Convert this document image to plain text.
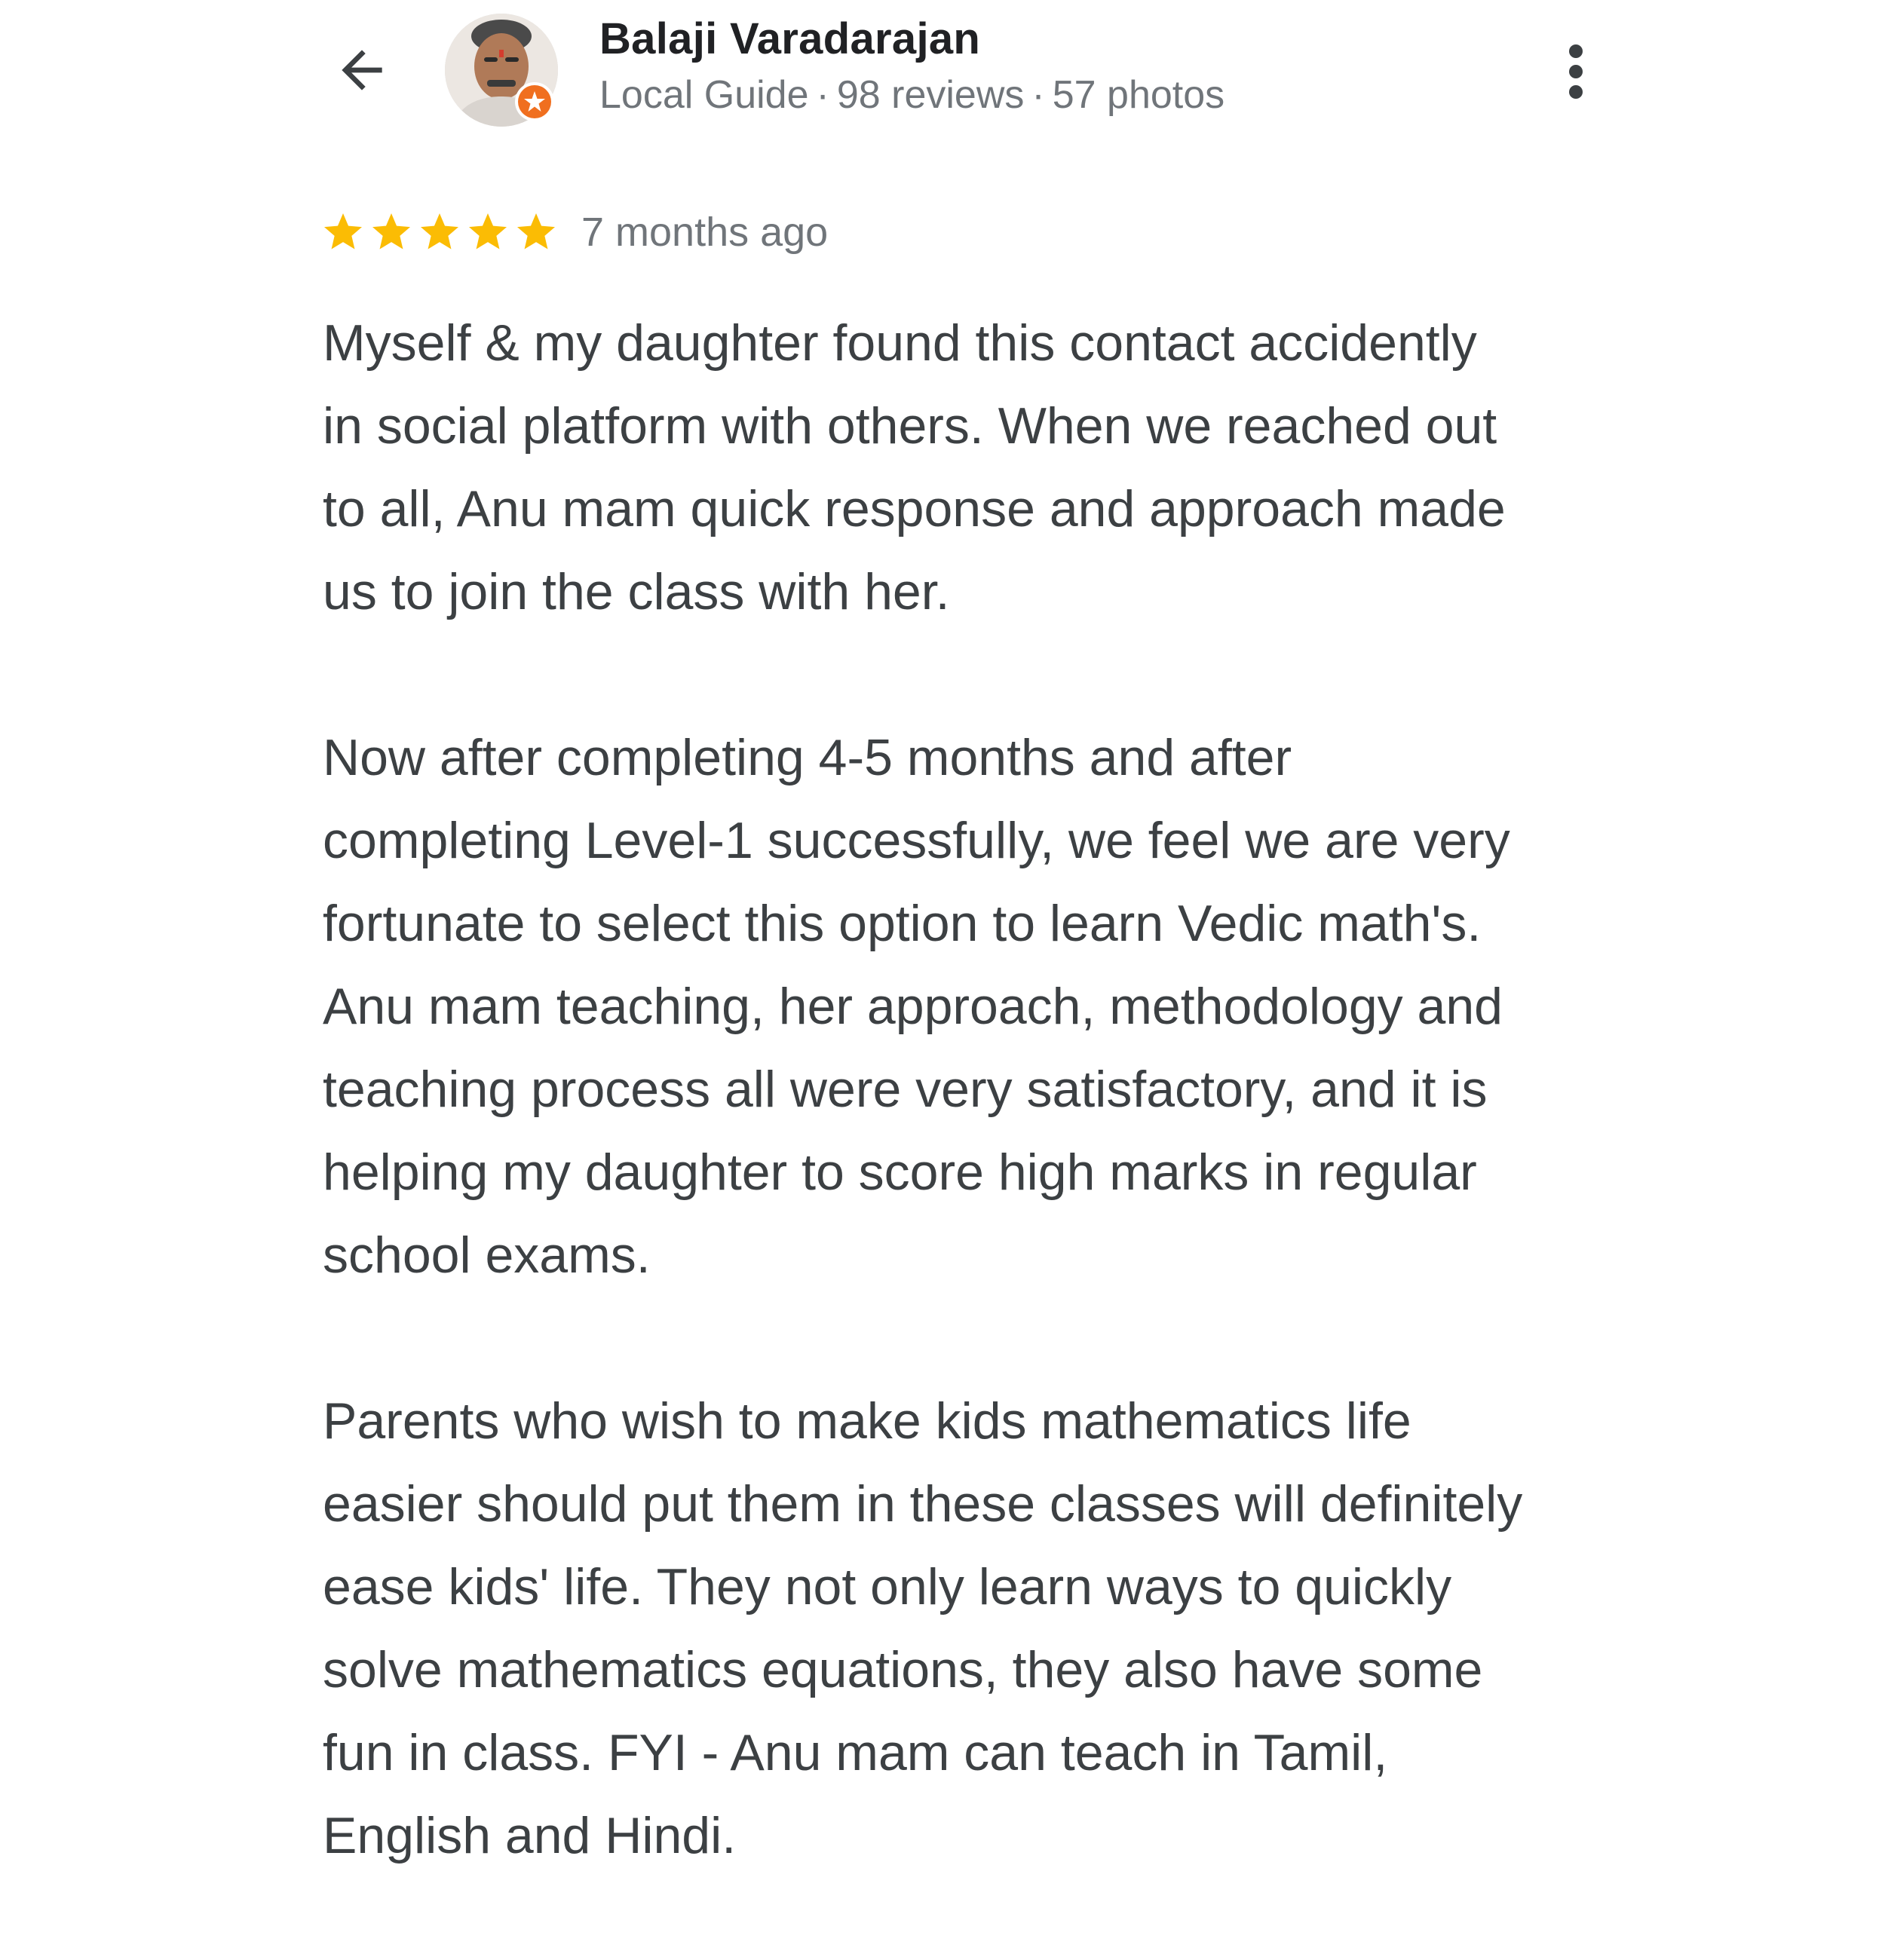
Balaji Varadarajan
Local Guide · 98 reviews · 57 photos
7 months ago

Myself & my daughter found this contact accidently
in social platform with others. When we reached out
to all, Anu mam quick response and approach made
us to join the class with her.

Now after completing 4-5 months and after
completing Level-1 successfully, we feel we are very
fortunate to select this option to learn Vedic math's.
Anu mam teaching, her approach, methodology and
teaching process all were very satisfactory, and it is
helping my daughter to score high marks in regular
school exams.

Parents who wish to make kids mathematics life
easier should put them in these classes will definitely
ease kids' life. They not only learn ways to quickly
solve mathematics equations, they also have some
fun in class. FYI - Anu mam can teach in Tamil,
English and Hindi.
